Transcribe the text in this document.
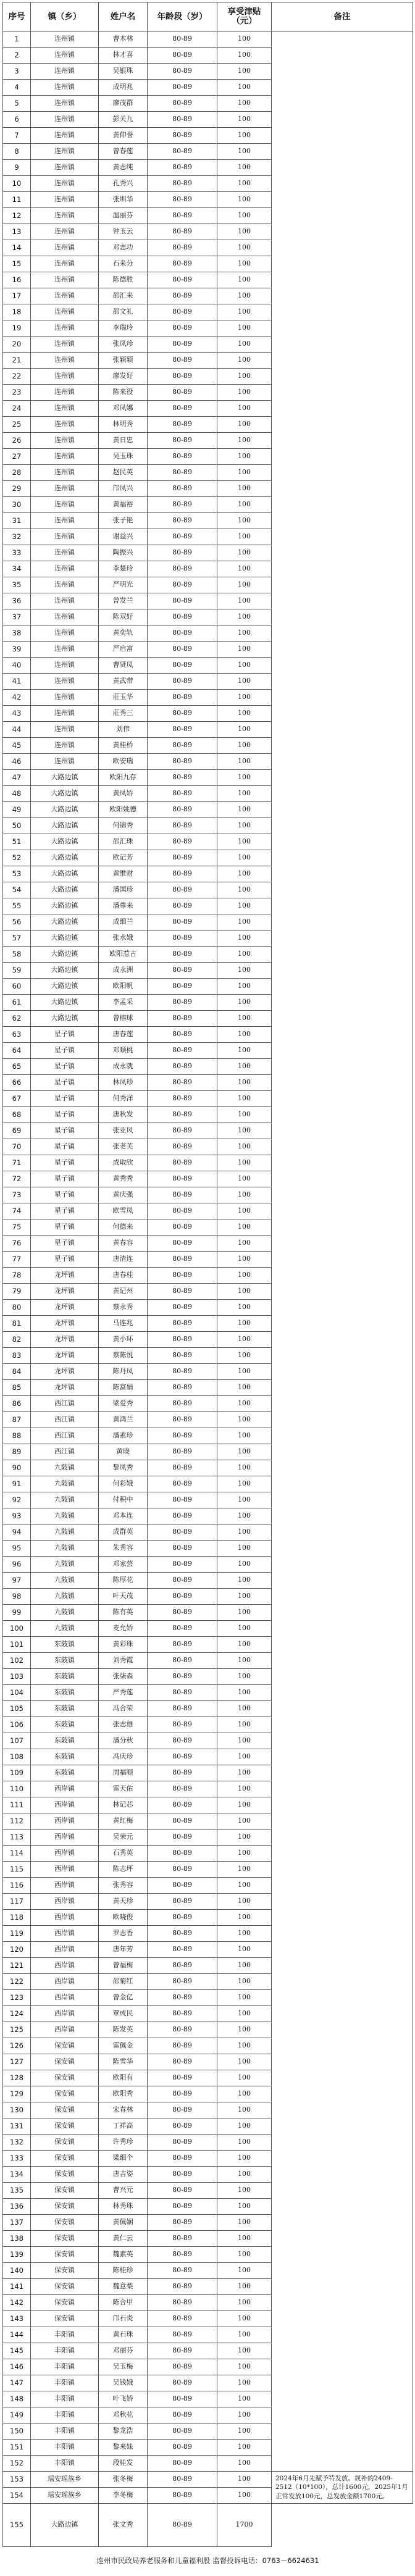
序号	镇（乡）	姓户名	年龄段（岁）	享受津贴（元）	备注
1	连州镇	曹木林	80-89	100	
2	连州镇	林才喜	80-89	100	
3	连州镇	吴银珠	80-89	100	
4	连州镇	成明兆	80-89	100	
5	连州镇	廖茂群	80-89	100	
6	连州镇	彭关九	80-89	100	
7	连州镇	黄仰誉	80-89	100	
8	连州镇	曾春莲	80-89	100	
9	连州镇	黄志纯	80-89	100	
10	连州镇	孔秀兴	80-89	100	
11	连州镇	张圳华	80-89	100	
12	连州镇	温丽芬	80-89	100	
13	连州镇	钟玉云	80-89	100	
14	连州镇	邓志功	80-89	100	
15	连州镇	石来分	80-89	100	
16	连州镇	陈德胜	80-89	100	
17	连州镇	邵汇来	80-89	100	
18	连州镇	邵文礼	80-89	100	
19	连州镇	李瑞玲	80-89	100	
20	连州镇	张凤珍	80-89	100	
21	连州镇	张颖颖	80-89	100	
22	连州镇	廖发好	80-89	100	
23	连州镇	陈来役	80-89	100	
24	连州镇	邓凤娜	80-89	100	
25	连州镇	林明秀	80-89	100	
26	连州镇	黄日忠	80-89	100	
27	连州镇	吴玉珠	80-89	100	
28	连州镇	赵民英	80-89	100	
29	连州镇	邝凤兴	80-89	100	
30	连州镇	黄福裕	80-89	100	
31	连州镇	张子艳	80-89	100	
32	连州镇	谢益兴	80-89	100	
33	连州镇	陶振兴	80-89	100	
34	连州镇	李楚玲	80-89	100	
35	连州镇	严明光	80-89	100	
36	连州镇	曾发兰	80-89	100	
37	连州镇	陈双好	80-89	100	
38	连州镇	黄奕轨	80-89	100	
39	连州镇	严启富	80-89	100	
40	连州镇	曹贤凤	80-89	100	
41	连州镇	黄武带	80-89	100	
42	连州镇	莊玉华	80-89	100	
43	连州镇	莊秀三	80-89	100	
44	连州镇	刘伟	80-89	100	
45	连州镇	黄桂桥	80-89	100	
46	连州镇	欧安瑞	80-89	100	
47	大路边镇	欧阳九存	80-89	100	
48	大路边镇	黄凤娇	80-89	100	
49	大路边镇	欧阳姚德	80-89	100	
50	大路边镇	何锦秀	80-89	100	
51	大路边镇	邵汇珠	80-89	100	
52	大路边镇	欧记芳	80-89	100	
53	大路边镇	黄维财	80-89	100	
54	大路边镇	潘国珍	80-89	100	
55	大路边镇	潘尊来	80-89	100	
56	大路边镇	成细兰	80-89	100	
57	大路边镇	张水娥	80-89	100	
58	大路边镇	欧阳惹古	80-89	100	
59	大路边镇	成永洲	80-89	100	
60	大路边镇	欧阳帆	80-89	100	
61	大路边镇	李孟采	80-89	100	
62	大路边镇	曾榕球	80-89	100	
63	星子镇	唐春莲	80-89	100	
64	星子镇	邓顺桃	80-89	100	
65	星子镇	成永就	80-89	100	
66	星子镇	林凤珍	80-89	100	
67	星子镇	何秀洋	80-89	100	
68	星子镇	唐秋发	80-89	100	
69	星子镇	张亚风	80-89	100	
70	星子镇	张老芙	80-89	100	
71	星子镇	成取欣	80-89	100	
72	星子镇	黄秀秀	80-89	100	
73	星子镇	黄庆强	80-89	100	
74	星子镇	欧雪凤	80-89	100	
75	星子镇	何德来	80-89	100	
76	星子镇	黄春容	80-89	100	
77	星子镇	唐清连	80-89	100	
78	龙坪镇	唐春桂	80-89	100	
79	龙坪镇	黄记州	80-89	100	
80	龙坪镇	蔡永秀	80-89	100	
81	龙坪镇	马连兆	80-89	100	
82	龙坪镇	黄小环	80-89	100	
83	龙坪镇	蔡陈悦	80-89	100	
84	龙坪镇	陈丹凤	80-89	100	
85	龙坪镇	陈富娟	80-89	100	
86	西江镇	梁爱秀	80-89	100	
87	西江镇	黄鸿兰	80-89	100	
88	西江镇	潘素珍	80-89	100	
89	西江镇	黄晓	80-89	100	
90	九陂镇	黎凤秀	80-89	100	
91	九陂镇	何彩娥	80-89	100	
92	九陂镇	付积中	80-89	100	
93	九陂镇	邓本连	80-89	100	
94	九陂镇	成群英	80-89	100	
95	九陂镇	朱秀容	80-89	100	
96	九陂镇	邓家芸	80-89	100	
97	九陂镇	陈厚花	80-89	100	
98	九陂镇	叶天茂	80-89	100	
99	九陂镇	陈有英	80-89	100	
100	九陂镇	麦允娇	80-89	100	
101	东陂镇	黄彩珠	80-89	100	
102	东陂镇	刘秀霞	80-89	100	
103	东陂镇	张柒森	80-89	100	
104	东陂镇	严秀莲	80-89	100	
105	东陂镇	冯合荣	80-89	100	
106	东陂镇	张志雄	80-89	100	
107	东陂镇	潘分秋	80-89	100	
108	东陂镇	冯庆珍	80-89	100	
109	东陂镇	周福顺	80-89	100	
110	西岸镇	雷天佑	80-89	100	
111	西岸镇	林记芯	80-89	100	
112	西岸镇	黄红梅	80-89	100	
113	西岸镇	吴荣元	80-89	100	
114	西岸镇	石秀英	80-89	100	
115	西岸镇	陈志坪	80-89	100	
116	西岸镇	张秀容	80-89	100	
117	西岸镇	黄天珍	80-89	100	
118	西岸镇	欧晓俊	80-89	100	
119	西岸镇	罗志香	80-89	100	
120	西岸镇	唐年芳	80-89	100	
121	西岸镇	曾福梅	80-89	100	
122	西岸镇	邵菊红	80-89	100	
123	西岸镇	曾金亿	80-89	100	
124	西岸镇	覃成民	80-89	100	
125	西岸镇	陈发英	80-89	100	
126	保安镇	雷佩金	80-89	100	
127	保安镇	陈雪华	80-89	100	
128	保安镇	欧阳有	80-89	100	
129	保安镇	欧阳秀	80-89	100	
130	保安镇	宋春林	80-89	100	
131	保安镇	丁祥高	80-89	100	
132	保安镇	许秀珍	80-89	100	
133	保安镇	梁细个	80-89	100	
134	保安镇	唐吉姿	80-89	100	
135	保安镇	曹兴元	80-89	100	
136	保安镇	林秀珠	80-89	100	
137	保安镇	黄佩娴	80-89	100	
138	保安镇	黄仁云	80-89	100	
139	保安镇	魏素英	80-89	100	
140	保安镇	陈桂珍	80-89	100	
141	保安镇	魏意梨	80-89	100	
142	保安镇	陈合甲	80-89	100	
143	保安镇	邝石炎	80-89	100	
144	丰阳镇	黄石珠	80-89	100	
145	丰阳镇	邓丽芬	80-89	100	
146	丰阳镇	吴玉梅	80-89	100	
147	丰阳镇	吴钱娥	80-89	100	
148	丰阳镇	叶飞娇	80-89	100	
149	丰阳镇	邓秋花	80-89	100	
150	丰阳镇	黎龙浩	80-89	100	
151	丰阳镇	黎来妹	80-89	100	
152	丰阳镇	段桂发	80-89	100	
153	瑶安瑶族乡	张冬梅	80-89	100	2024年6月先赋予特发放。规补的2409-2512（10*100），总计1600元，2025年1月正常发放100元，总发放金额1700元。
154	瑶安瑶族乡	李冬梅	80-89	100	
155	大路边镇	张文秀	80-89	1700	
连州市民政局养老服务和儿童福利股 监督投诉电话：0763－6624631					
